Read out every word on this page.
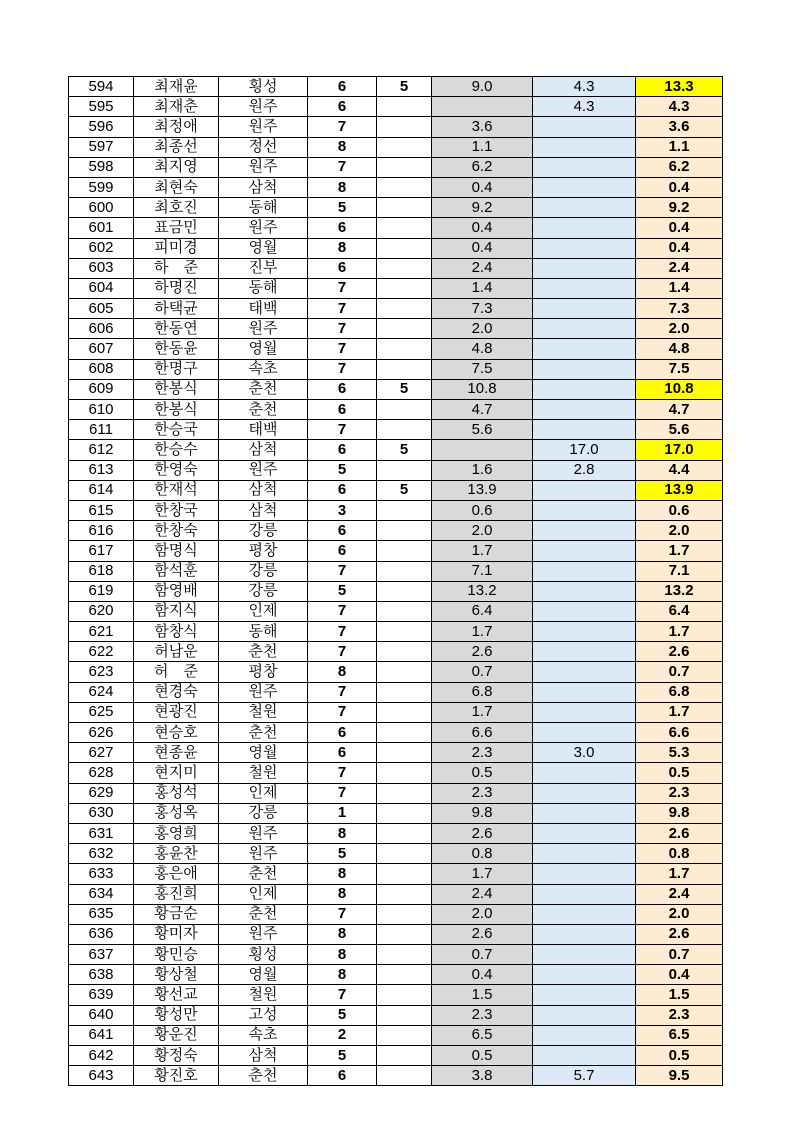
594	최재윤	횡성	6	5	9.0	4.3	13.3
595	최재춘	원주	6			4.3	4.3
596	최정애	원주	7		3.6		3.6
597	최종선	정선	8		1.1		1.1
598	최지영	원주	7		6.2		6.2
599	최현숙	삼척	8		0.4		0.4
600	최호진	동해	5		9.2		9.2
601	표금민	원주	6		0.4		0.4
602	피미경	영월	8		0.4		0.4
603	하　준	진부	6		2.4		2.4
604	하명진	동해	7		1.4		1.4
605	하택균	태백	7		7.3		7.3
606	한동연	원주	7		2.0		2.0
607	한동윤	영월	7		4.8		4.8
608	한명구	속초	7		7.5		7.5
609	한봉식	춘천	6	5	10.8		10.8
610	한봉식	춘천	6		4.7		4.7
611	한승국	태백	7		5.6		5.6
612	한승수	삼척	6	5		17.0	17.0
613	한영숙	원주	5		1.6	2.8	4.4
614	한재석	삼척	6	5	13.9		13.9
615	한창국	삼척	3		0.6		0.6
616	한창숙	강릉	6		2.0		2.0
617	함명식	평창	6		1.7		1.7
618	함석훈	강릉	7		7.1		7.1
619	함영배	강릉	5		13.2		13.2
620	함지식	인제	7		6.4		6.4
621	함창식	동해	7		1.7		1.7
622	허남운	춘천	7		2.6		2.6
623	허　준	평창	8		0.7		0.7
624	현경숙	원주	7		6.8		6.8
625	현광진	철원	7		1.7		1.7
626	현승호	춘천	6		6.6		6.6
627	현종윤	영월	6		2.3	3.0	5.3
628	현지미	철원	7		0.5		0.5
629	홍성석	인제	7		2.3		2.3
630	홍성옥	강릉	1		9.8		9.8
631	홍영희	원주	8		2.6		2.6
632	홍윤찬	원주	5		0.8		0.8
633	홍은애	춘천	8		1.7		1.7
634	홍진희	인제	8		2.4		2.4
635	황금순	춘천	7		2.0		2.0
636	황미자	원주	8		2.6		2.6
637	황민승	횡성	8		0.7		0.7
638	황상철	영월	8		0.4		0.4
639	황선교	철원	7		1.5		1.5
640	황성만	고성	5		2.3		2.3
641	황운진	속초	2		6.5		6.5
642	황정숙	삼척	5		0.5		0.5
643	황진호	춘천	6		3.8	5.7	9.5
